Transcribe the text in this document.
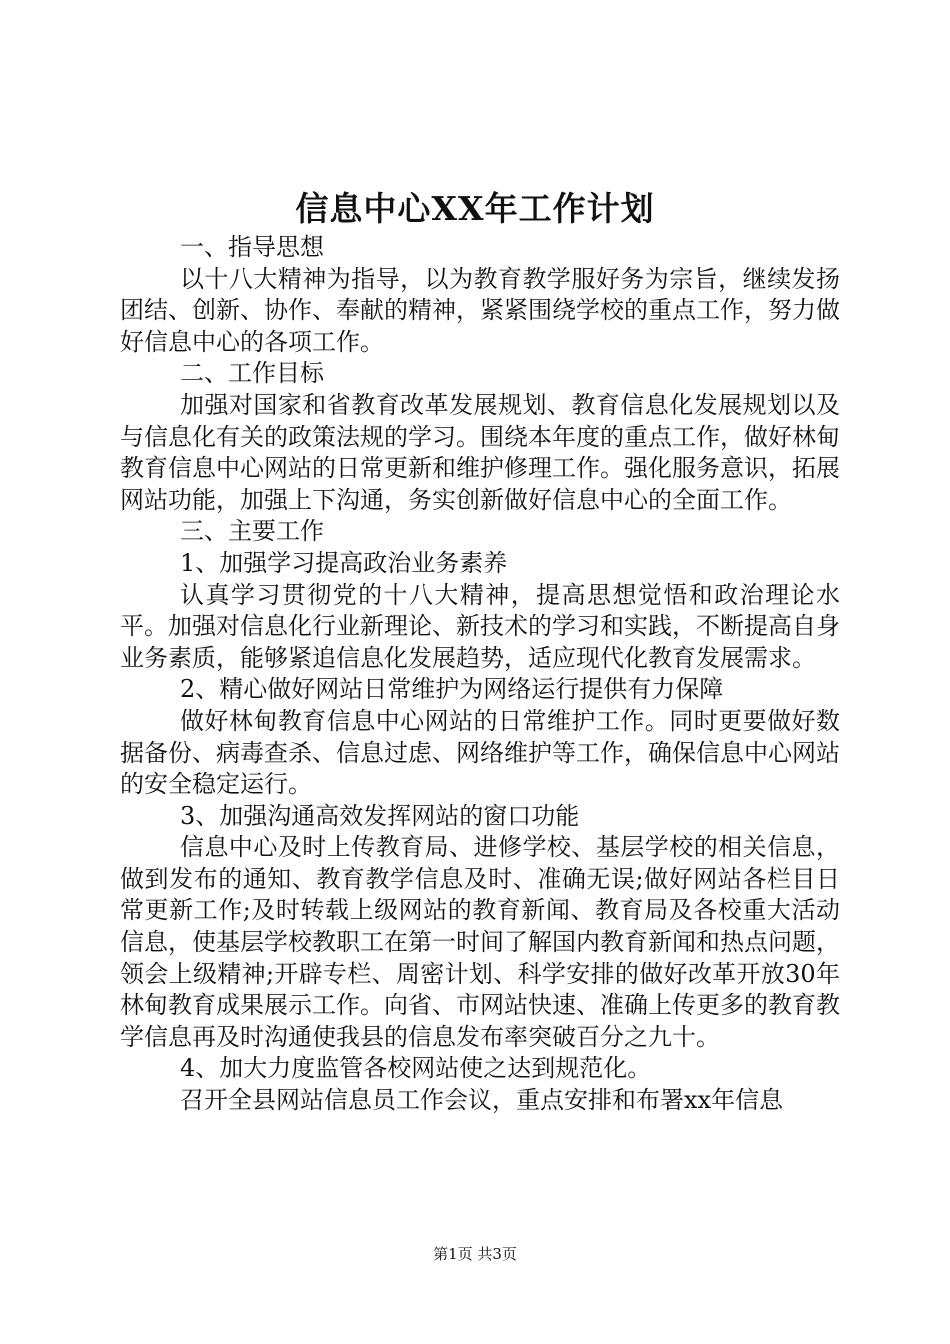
信息中心XX年工作计划

一、指导思想

以十八大精神为指导，以为教育教学服好务为宗旨，继续发扬团结、创新、协作、奉献的精神，紧紧围绕学校的重点工作，努力做好信息中心的各项工作。

二、工作目标

加强对国家和省教育改革发展规划、教育信息化发展规划以及与信息化有关的政策法规的学习。围绕本年度的重点工作，做好林甸教育信息中心网站的日常更新和维护修理工作。强化服务意识，拓展网站功能，加强上下沟通，务实创新做好信息中心的全面工作。

三、主要工作

1、加强学习提高政治业务素养

认真学习贯彻党的十八大精神，提高思想觉悟和政治理论水平。加强对信息化行业新理论、新技术的学习和实践，不断提高自身业务素质，能够紧追信息化发展趋势，适应现代化教育发展需求。

2、精心做好网站日常维护为网络运行提供有力保障

做好林甸教育信息中心网站的日常维护工作。同时更要做好数据备份、病毒查杀、信息过虑、网络维护等工作，确保信息中心网站的安全稳定运行。

3、加强沟通高效发挥网站的窗口功能

信息中心及时上传教育局、进修学校、基层学校的相关信息，做到发布的通知、教育教学信息及时、准确无误;做好网站各栏目日常更新工作;及时转载上级网站的教育新闻、教育局及各校重大活动信息，使基层学校教职工在第一时间了解国内教育新闻和热点问题，领会上级精神;开辟专栏、周密计划、科学安排的做好改革开放30年林甸教育成果展示工作。向省、市网站快速、准确上传更多的教育教学信息再及时沟通使我县的信息发布率突破百分之九十。

4、加大力度监管各校网站使之达到规范化。

召开全县网站信息员工作会议，重点安排和布署xx年信息

第1页 共3页
